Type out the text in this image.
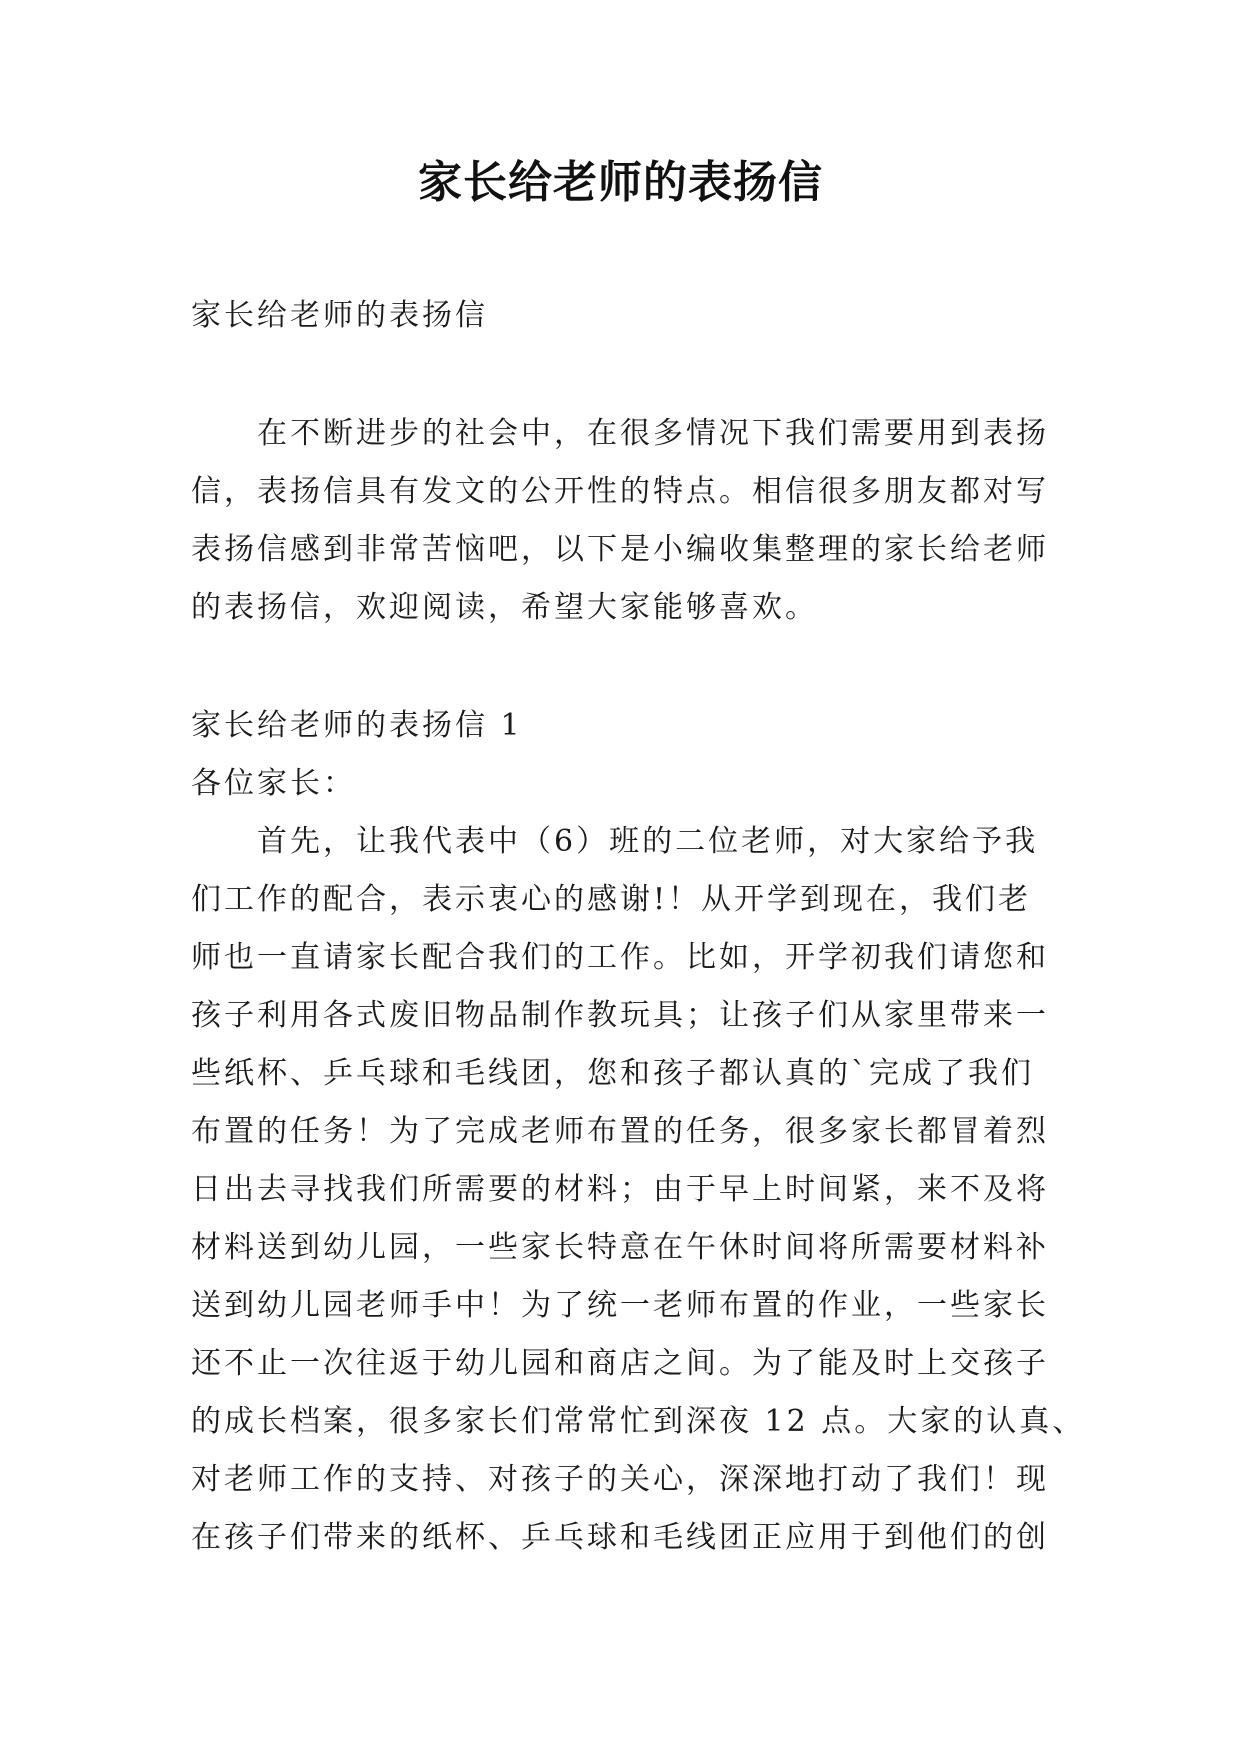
家长给老师的表扬信
家长给老师的表扬信
在不断进步的社会中，在很多情况下我们需要用到表扬
信，表扬信具有发文的公开性的特点。相信很多朋友都对写
表扬信感到非常苦恼吧，以下是小编收集整理的家长给老师
的表扬信，欢迎阅读，希望大家能够喜欢。
家长给老师的表扬信 1
各位家长：
首先，让我代表中（6）班的二位老师，对大家给予我
们工作的配合，表示衷心的感谢!！从开学到现在，我们老
师也一直请家长配合我们的工作。比如，开学初我们请您和
孩子利用各式废旧物品制作教玩具；让孩子们从家里带来一
些纸杯、乒乓球和毛线团，您和孩子都认真的`完成了我们
布置的任务！为了完成老师布置的任务，很多家长都冒着烈
日出去寻找我们所需要的材料；由于早上时间紧，来不及将
材料送到幼儿园，一些家长特意在午休时间将所需要材料补
送到幼儿园老师手中！为了统一老师布置的作业，一些家长
还不止一次往返于幼儿园和商店之间。为了能及时上交孩子
的成长档案，很多家长们常常忙到深夜 12 点。大家的认真、
对老师工作的支持、对孩子的关心，深深地打动了我们！现
在孩子们带来的纸杯、乒乓球和毛线团正应用于到他们的创
